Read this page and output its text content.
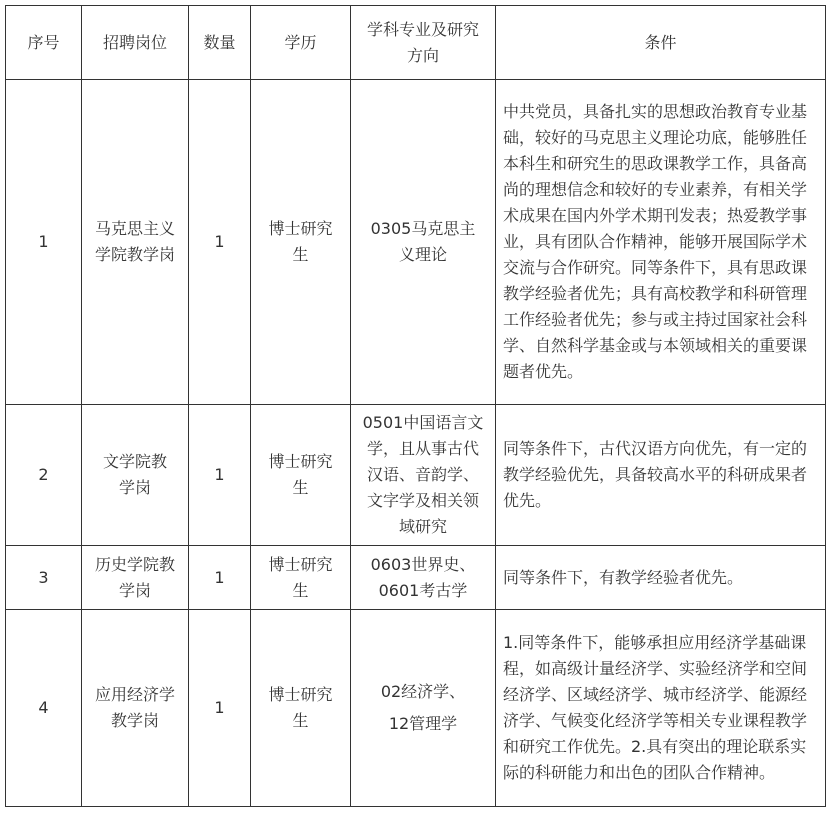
序号	招聘岗位	数量	学历	学科专业及研究方向	条件
1	马克思主义学院教学岗	1	博士研究生	0305马克思主义理论	中共党员，具备扎实的思想政治教育专业基础，较好的马克思主义理论功底，能够胜任本科生和研究生的思政课教学工作，具备高尚的理想信念和较好的专业素养，有相关学术成果在国内外学术期刊发表；热爱教学事业，具有团队合作精神，能够开展国际学术交流与合作研究。同等条件下，具有思政课教学经验者优先；具有高校教学和科研管理工作经验者优先；参与或主持过国家社会科学、自然科学基金或与本领域相关的重要课题者优先。
2	文学院教学岗	1	博士研究生	0501中国语言文学，且从事古代汉语、音韵学、文字学及相关领域研究	同等条件下，古代汉语方向优先，有一定的教学经验优先，具备较高水平的科研成果者优先。
3	历史学院教学岗	1	博士研究生	0603世界史、0601考古学	同等条件下，有教学经验者优先。
4	应用经济学教学岗	1	博士研究生	02经济学、12管理学	1.同等条件下，能够承担应用经济学基础课程，如高级计量经济学、实验经济学和空间经济学、区域经济学、城市经济学、能源经济学、气候变化经济学等相关专业课程教学和研究工作优先。2.具有突出的理论联系实际的科研能力和出色的团队合作精神。
